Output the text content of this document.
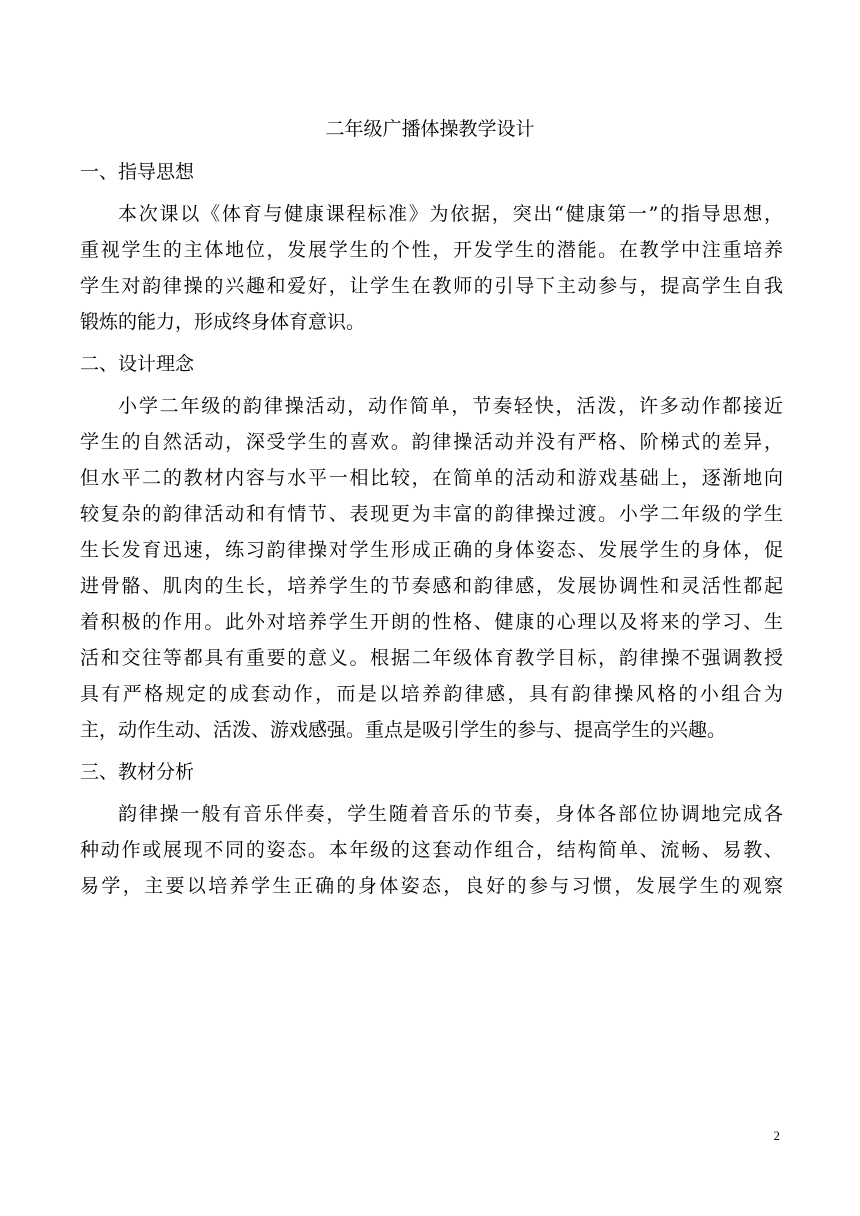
二年级广播体操教学设计
一、指导思想
本次课以《体育与健康课程标准》为依据，突出“健康第一”的指导思想，
重视学生的主体地位，发展学生的个性，开发学生的潜能。在教学中注重培养
学生对韵律操的兴趣和爱好，让学生在教师的引导下主动参与，提高学生自我
锻炼的能力，形成终身体育意识。
二、设计理念
小学二年级的韵律操活动，动作简单，节奏轻快，活泼，许多动作都接近
学生的自然活动，深受学生的喜欢。韵律操活动并没有严格、阶梯式的差异，
但水平二的教材内容与水平一相比较，在简单的活动和游戏基础上，逐渐地向
较复杂的韵律活动和有情节、表现更为丰富的韵律操过渡。小学二年级的学生
生长发育迅速，练习韵律操对学生形成正确的身体姿态、发展学生的身体，促
进骨骼、肌肉的生长，培养学生的节奏感和韵律感，发展协调性和灵活性都起
着积极的作用。此外对培养学生开朗的性格、健康的心理以及将来的学习、生
活和交往等都具有重要的意义。根据二年级体育教学目标，韵律操不强调教授
具有严格规定的成套动作，而是以培养韵律感，具有韵律操风格的小组合为
主，动作生动、活泼、游戏感强。重点是吸引学生的参与、提高学生的兴趣。
三、教材分析
韵律操一般有音乐伴奏，学生随着音乐的节奏，身体各部位协调地完成各
种动作或展现不同的姿态。本年级的这套动作组合，结构简单、流畅、易教、
易学，主要以培养学生正确的身体姿态，良好的参与习惯，发展学生的观察
2
